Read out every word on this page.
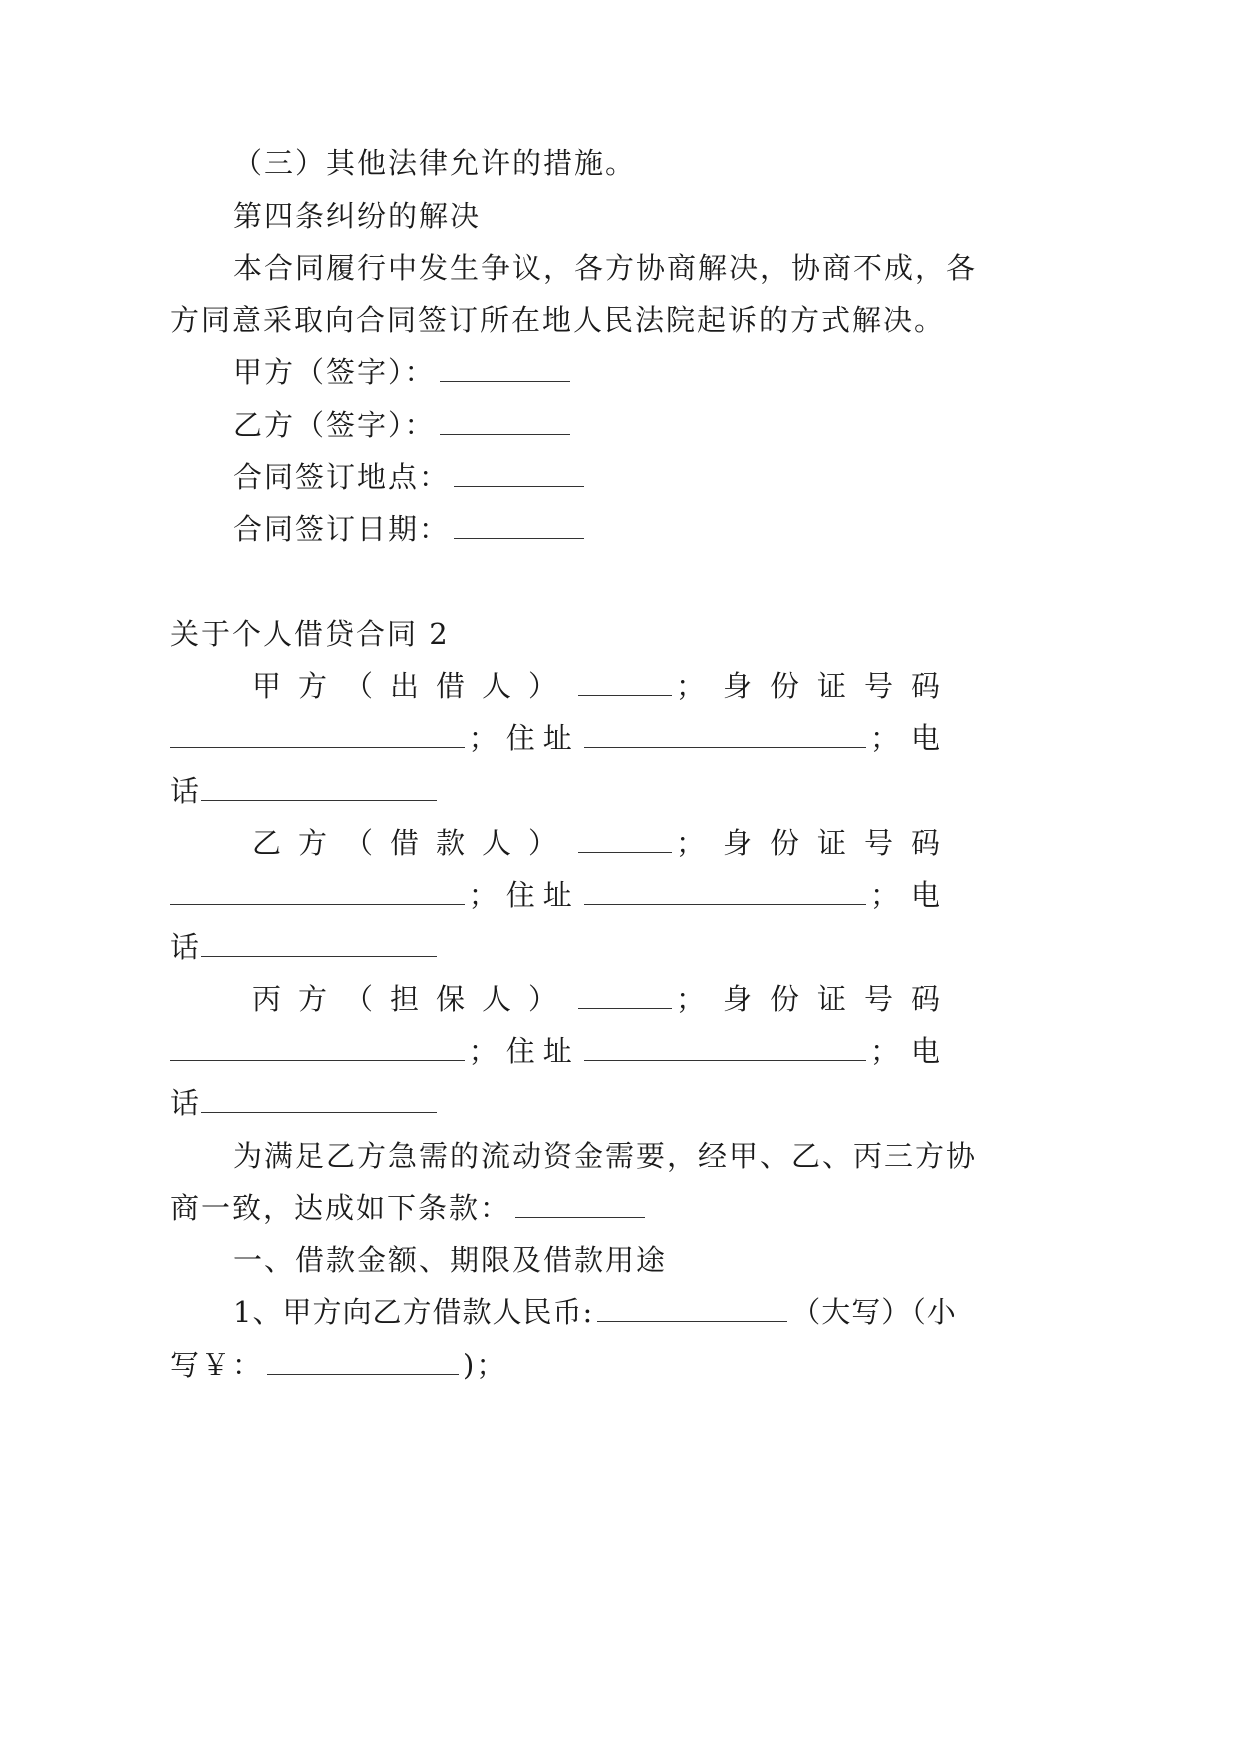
（三）其他法律允许的措施。
第四条纠纷的解决
本合同履行中发生争议，各方协商解决，协商不成，各
方同意采取向合同签订所在地人民法院起诉的方式解决。
甲方（签字）：
乙方（签字）：
合同签订地点：
合同签订日期：
关于个人借贷合同 2
甲方（出借人）	；身份证号码
；住址	；电
话
乙方（借款人）	；身份证号码
；住址	；电
话
丙方（担保人）	；身份证号码
；住址	；电
话
为满足乙方急需的流动资金需要，经甲、乙、丙三方协
商一致，达成如下条款：
一、借款金额、期限及借款用途
1、甲方向乙方借款人民币:	（大写）（小
写￥：	)；
